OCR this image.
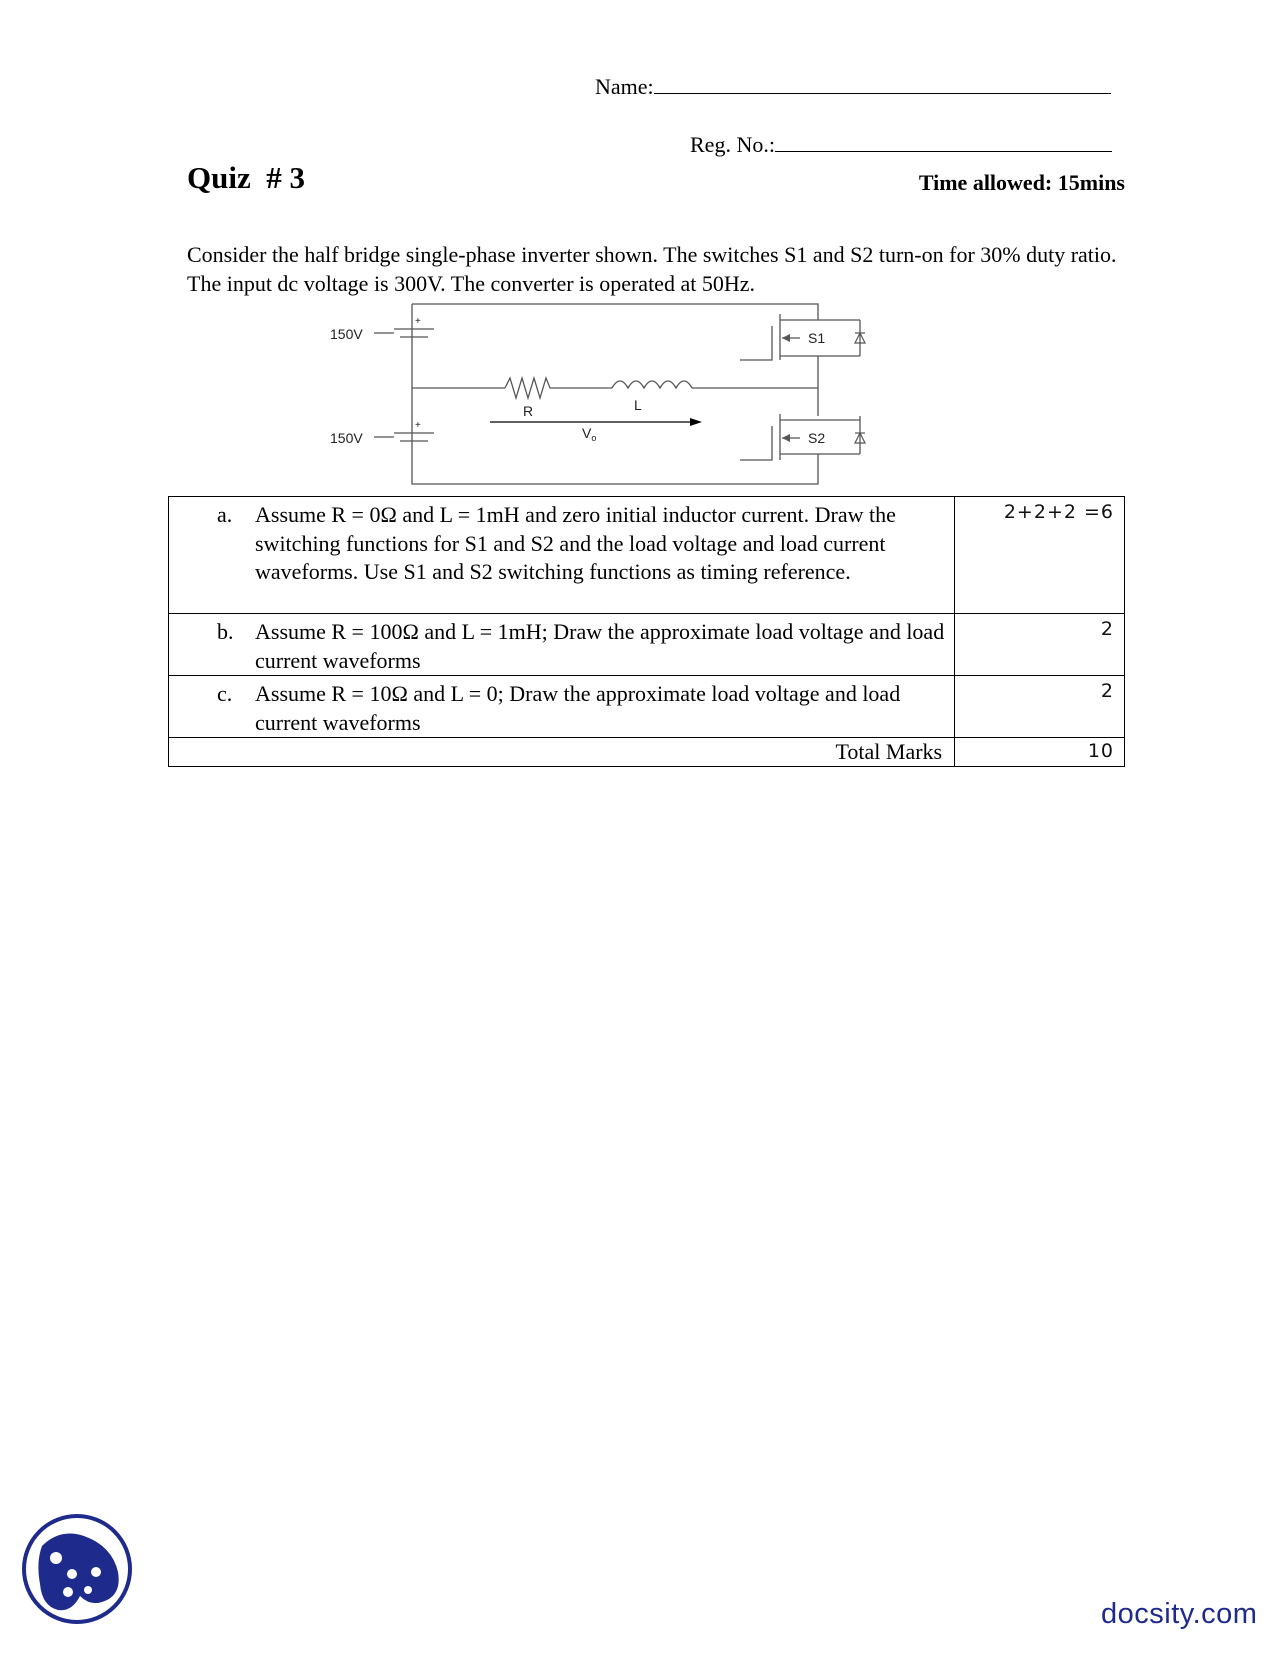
Name:
Reg. No.:
Quiz  # 3	Time allowed: 15mins
Consider the half bridge single-phase inverter shown. The switches S1 and S2 turn-on for 30% duty ratio. The input dc voltage is 300V. The converter is operated at 50Hz.
150V
150V
+
+
R	L
$V_o$
S1
S2
a. Assume R = 0Ω and L = 1mH and zero initial inductor current. Draw the switching functions for S1 and S2 and the load voltage and load current waveforms. Use S1 and S2 switching functions as timing reference.	2+2+2 =6

b. Assume R = 100Ω and L = 1mH; Draw the approximate load voltage and load current waveforms	2

c. Assume R = 10Ω and L = 0; Draw the approximate load voltage and load current waveforms	2

Total Marks	10
docsity.com
